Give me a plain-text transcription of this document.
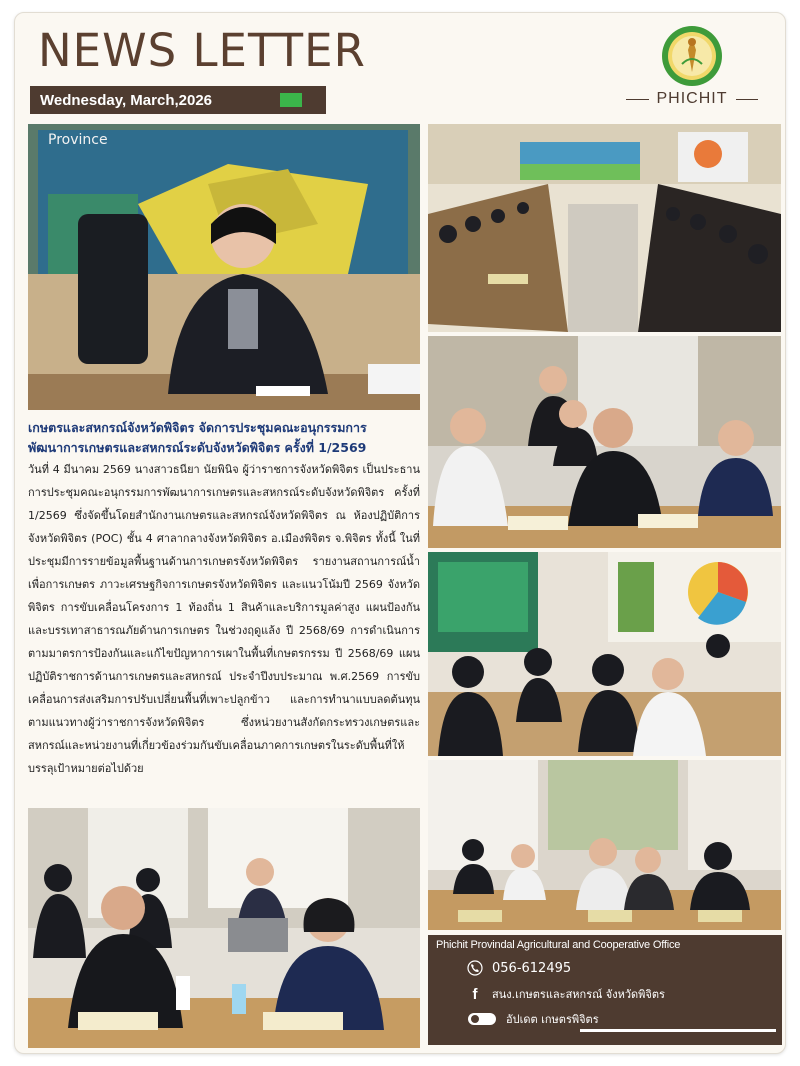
NEWS LETTER
Wednesday, March,2026	PHICHIT
Province
เกษตรและสหกรณ์จังหวัดพิจิตร จัดการประชุมคณะอนุกรรมการพัฒนาการเกษตรและสหกรณ์ระดับจังหวัดพิจิตร ครั้งที่ 1/2569
วันที่ 4 มีนาคม 2569 นางสาวธนียา นัยพินิจ ผู้ว่าราชการจังหวัดพิจิตร เป็นประธานการประชุมคณะอนุกรรมการพัฒนาการเกษตรและสหกรณ์ระดับจังหวัดพิจิตร ครั้งที่ 1/2569 ซึ่งจัดขึ้นโดยสำนักงานเกษตรและสหกรณ์จังหวัดพิจิตร ณ ห้องปฏิบัติการจังหวัดพิจิตร (POC) ชั้น 4 ศาลากลางจังหวัดพิจิตร อ.เมืองพิจิตร จ.พิจิตร ทั้งนี้ ในที่ประชุมมีการรายข้อมูลพื้นฐานด้านการเกษตรจังหวัดพิจิตร รายงานสถานการณ์น้ำเพื่อการเกษตร ภาวะเศรษฐกิจการเกษตรจังหวัดพิจิตร และแนวโน้มปี 2569 จังหวัดพิจิตร การขับเคลื่อนโครงการ 1 ท้องถิ่น 1 สินค้าและบริการมูลค่าสูง แผนป้องกันและบรรเทาสาธารณภัยด้านการเกษตร ในช่วงฤดูแล้ง ปี 2568/69 การดำเนินการตามมาตรการป้องกันและแก้ไขปัญหาการเผาในพื้นที่เกษตรกรรม ปี 2568/69 แผนปฏิบัติราชการด้านการเกษตรและสหกรณ์ ประจำปีงบประมาณ พ.ศ.2569 การขับเคลื่อนการส่งเสริมการปรับเปลี่ยนพื้นที่เพาะปลูกข้าว และการทำนาแบบลดต้นทุน ตามแนวทางผู้ว่าราชการจังหวัดพิจิตร ซึ่งหน่วยงานสังกัดกระทรวงเกษตรและสหกรณ์และหน่วยงานที่เกี่ยวข้องร่วมกันขับเคลื่อนภาคการเกษตรในระดับพื้นที่ให้บรรลุเป้าหมายต่อไปด้วย
Phichit Provindal Agricultural and Cooperative Office
056-612495
f	สนง.เกษตรและสหกรณ์ จังหวัดพิจิตร
อัปเดต เกษตรพิจิตร
